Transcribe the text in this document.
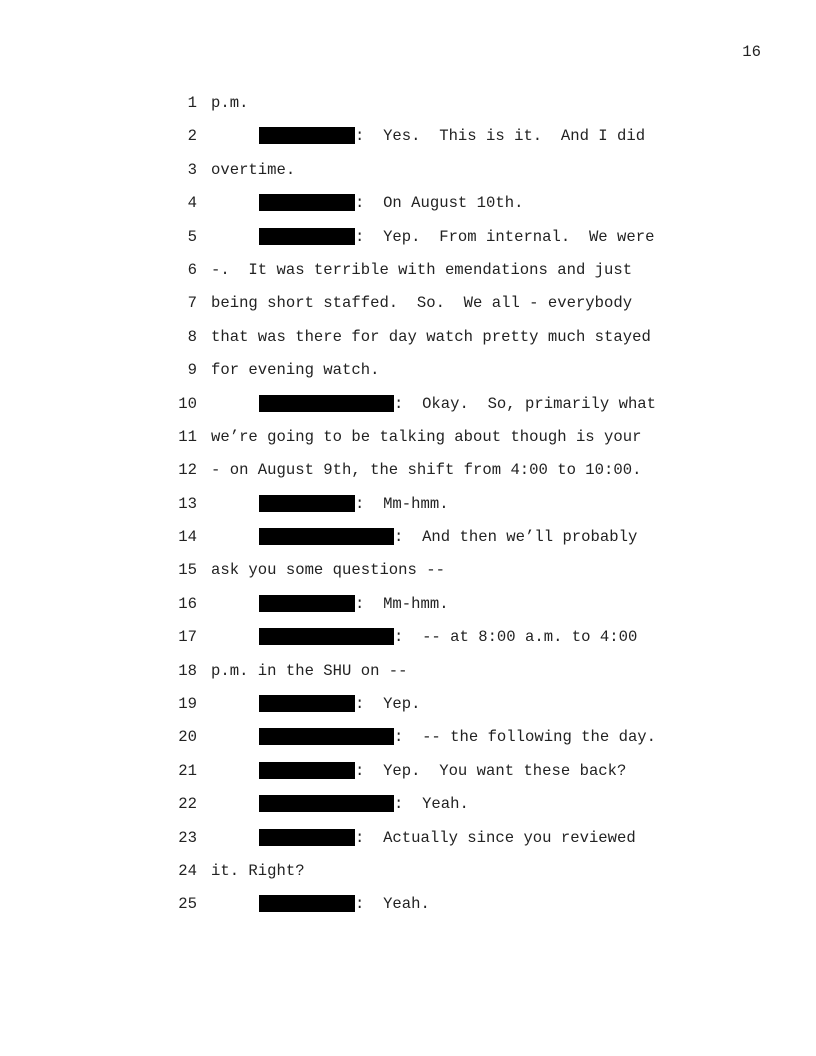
16
1 p.m.
2	:  Yes.  This is it.  And I did
3 overtime.
4	:  On August 10th.
5	:  Yep.  From internal.  We were
6 -.  It was terrible with emendations and just
7 being short staffed.  So.  We all - everybody
8 that was there for day watch pretty much stayed
9 for evening watch.
10	:  Okay.  So, primarily what
11 we’re going to be talking about though is your
12 - on August 9th, the shift from 4:00 to 10:00.
13	:  Mm-hmm.
14	:  And then we’ll probably
15 ask you some questions --
16	:  Mm-hmm.
17	:  -- at 8:00 a.m. to 4:00
18 p.m. in the SHU on --
19	:  Yep.
20	:  -- the following the day.
21	:  Yep.  You want these back?
22	:  Yeah.
23	:  Actually since you reviewed
24 it. Right?
25	:  Yeah.
